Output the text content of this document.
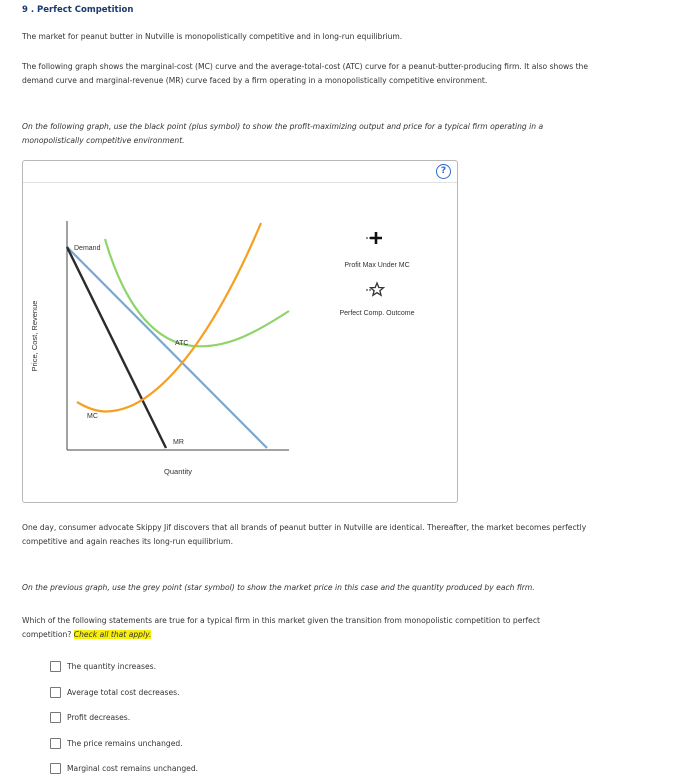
9 . Perfect Competition
The market for peanut butter in Nutville is monopolistically competitive and in long-run equilibrium.
The following graph shows the marginal-cost (MC) curve and the average-total-cost (ATC) curve for a peanut-butter-producing firm. It also shows the
demand curve and marginal-revenue (MR) curve faced by a firm operating in a monopolistically competitive environment.
On the following graph, use the black point (plus symbol) to show the profit-maximizing output and price for a typical firm operating in a
monopolistically competitive environment.
?
Price, Cost, Revenue
Quantity
Demand
ATC
MC
MR
Profit Max Under MC
Perfect Comp. Outcome
One day, consumer advocate Skippy Jif discovers that all brands of peanut butter in Nutville are identical. Thereafter, the market becomes perfectly
competitive and again reaches its long-run equilibrium.
On the previous graph, use the grey point (star symbol) to show the market price in this case and the quantity produced by each firm.
Which of the following statements are true for a typical firm in this market given the transition from monopolistic competition to perfect
competition? Check all that apply.
The quantity increases.
Average total cost decreases.
Profit decreases.
The price remains unchanged.
Marginal cost remains unchanged.
